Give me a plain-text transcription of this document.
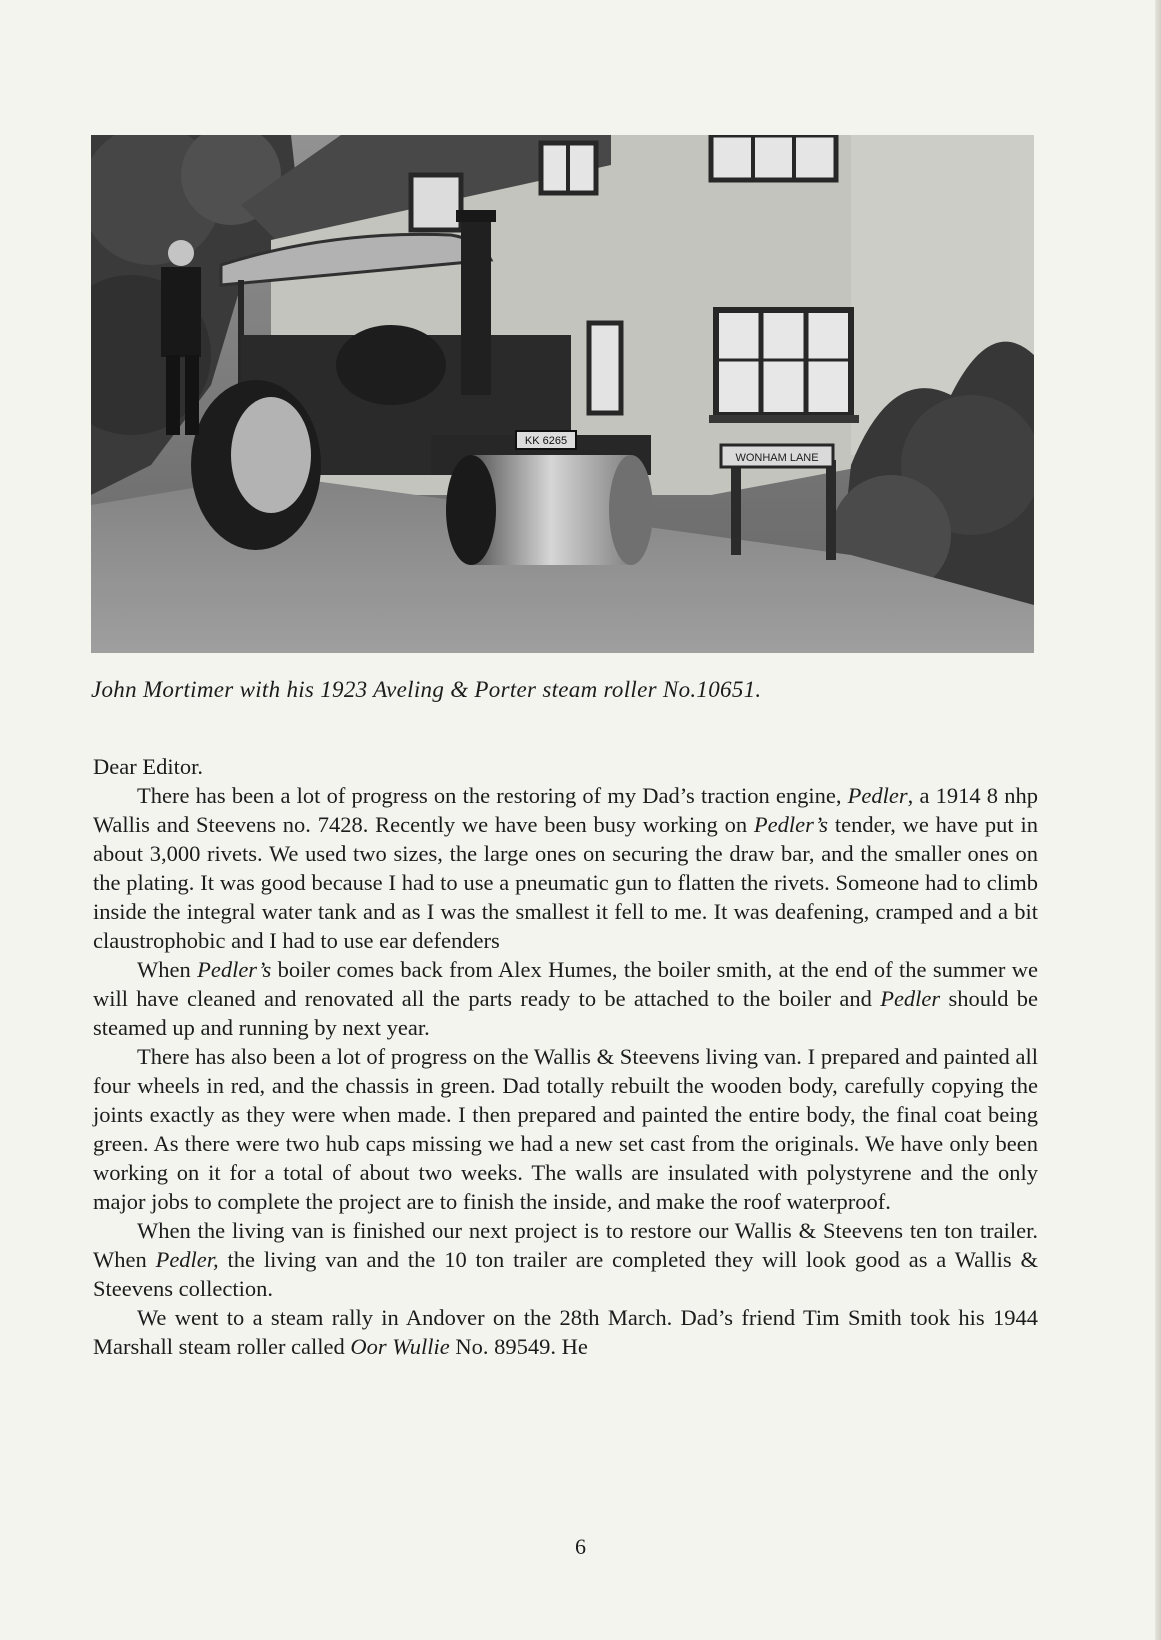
WONHAM LANE
KK 6265
John Mortimer with his 1923 Aveling & Porter steam roller No.10651.

Dear Editor.

There has been a lot of progress on the restoring of my Dad’s traction engine, Pedler, a 1914 8 nhp Wallis and Steevens no. 7428. Recently we have been busy working on Pedler’s tender, we have put in about 3,000 rivets. We used two sizes, the large ones on securing the draw bar, and the smaller ones on the plating. It was good because I had to use a pneumatic gun to flatten the rivets. Someone had to climb inside the integral water tank and as I was the smallest it fell to me. It was deafening, cramped and a bit claustrophobic and I had to use ear defenders

When Pedler’s boiler comes back from Alex Humes, the boiler smith, at the end of the summer we will have cleaned and renovated all the parts ready to be attached to the boiler and Pedler should be steamed up and running by next year.

There has also been a lot of progress on the Wallis & Steevens living van. I prepared and painted all four wheels in red, and the chassis in green. Dad totally rebuilt the wooden body, carefully copying the joints exactly as they were when made. I then prepared and painted the entire body, the final coat being green. As there were two hub caps missing we had a new set cast from the originals. We have only been working on it for a total of about two weeks. The walls are insulated with polystyrene and the only major jobs to complete the project are to finish the inside, and make the roof waterproof.

When the living van is finished our next project is to restore our Wallis & Steevens ten ton trailer. When Pedler, the living van and the 10 ton trailer are completed they will look good as a Wallis & Steevens collection.

We went to a steam rally in Andover on the 28th March. Dad’s friend Tim Smith took his 1944 Marshall steam roller called Oor Wullie No. 89549. He

6
